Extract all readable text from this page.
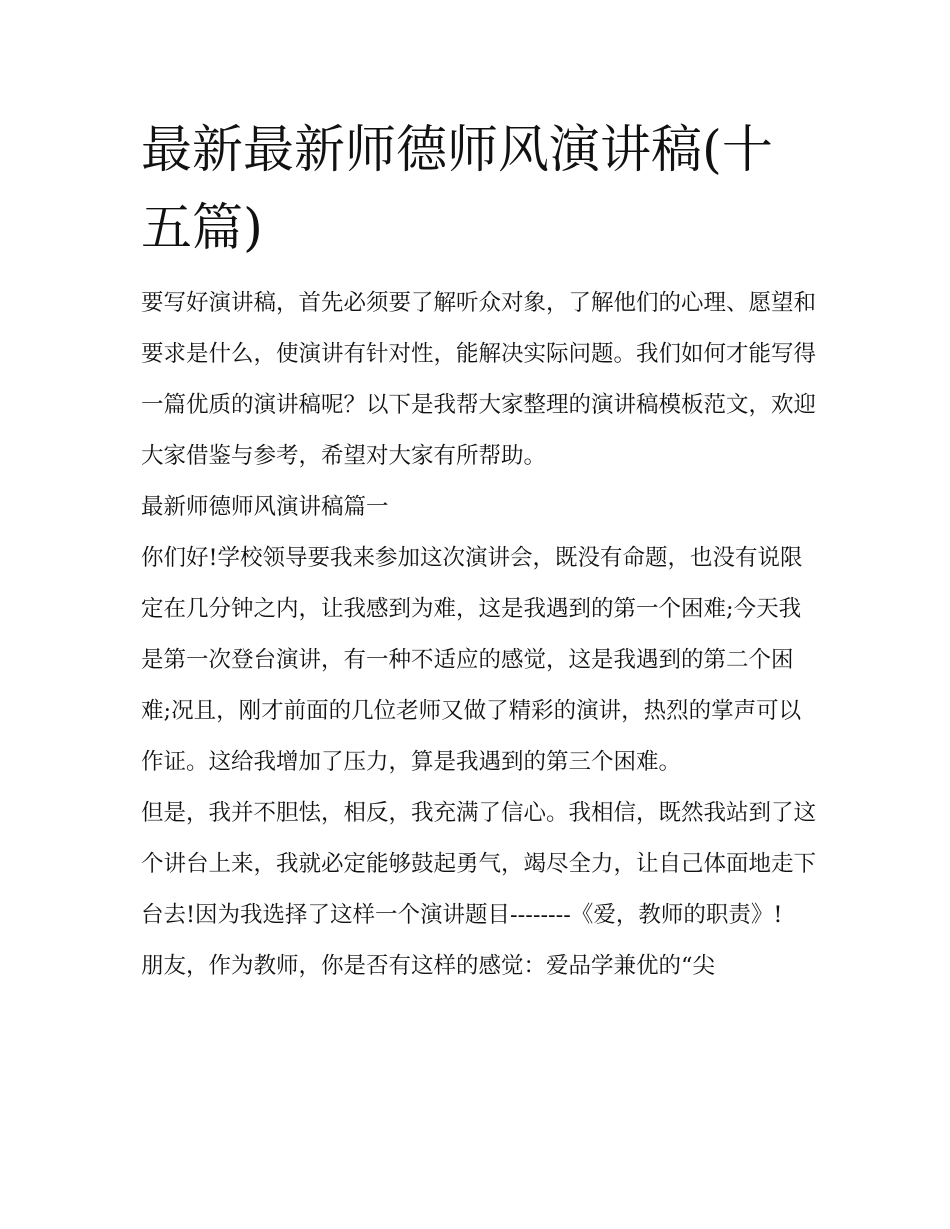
最新最新师德师风演讲稿(十五篇)

要写好演讲稿，首先必须要了解听众对象，了解他们的心理、愿望和要求是什么，使演讲有针对性，能解决实际问题。我们如何才能写得一篇优质的演讲稿呢？以下是我帮大家整理的演讲稿模板范文，欢迎大家借鉴与参考，希望对大家有所帮助。

最新师德师风演讲稿篇一

你们好!学校领导要我来参加这次演讲会，既没有命题，也没有说限定在几分钟之内，让我感到为难，这是我遇到的第一个困难;今天我是第一次登台演讲，有一种不适应的感觉，这是我遇到的第二个困难;况且，刚才前面的几位老师又做了精彩的演讲，热烈的掌声可以作证。这给我增加了压力，算是我遇到的第三个困难。

但是，我并不胆怯，相反，我充满了信心。我相信，既然我站到了这个讲台上来，我就必定能够鼓起勇气，竭尽全力，让自己体面地走下台去!因为我选择了这样一个演讲题目--------《爱，教师的职责》!

朋友，作为教师，你是否有这样的感觉：爱品学兼优的“尖
